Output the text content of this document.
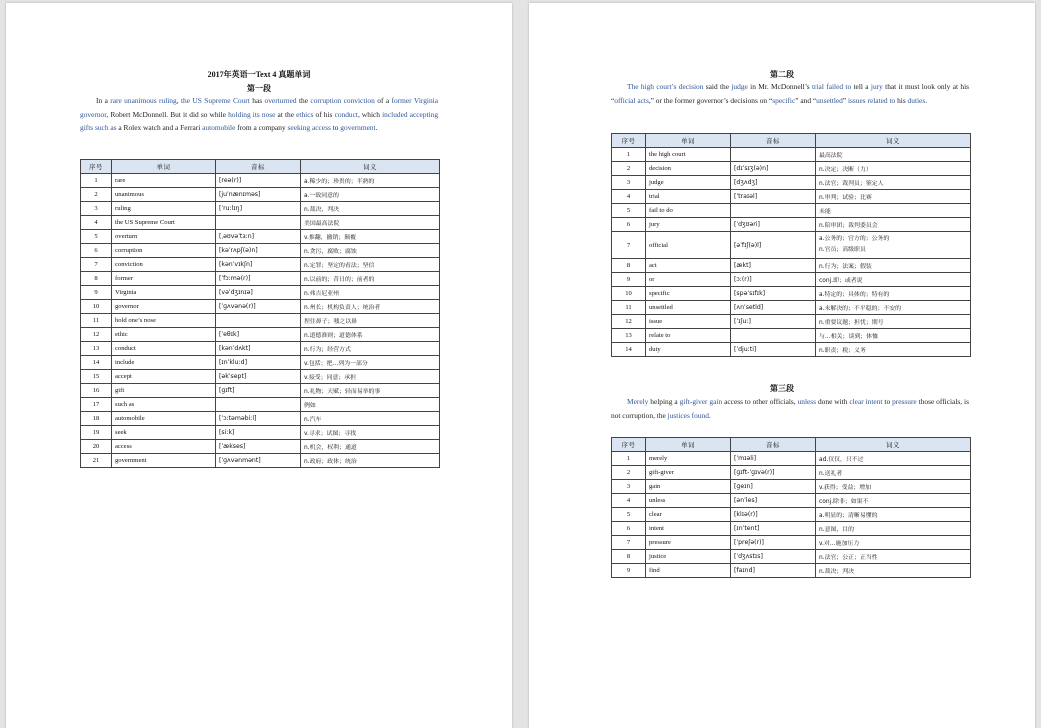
2017年英语一Text 4 真题单词
第一段

In a rare unanimous ruling, the US Supreme Court has overturned the corruption conviction of a former Virginia governor, Robert McDonnell. But it did so while holding its nose at the ethics of his conduct, which included accepting gifts such as a Rolex watch and a Ferrari automobile from a company seeking access to government.

序号	单词	音标	词义
1	rare	[reə(r)]	a.稀少的；珍贵的；半熟的
2	unanimous	[juˈnænɪməs]	a.一致同意的
3	ruling	[ˈruːlɪŋ]	n.裁决，判决
4	the US Supreme Court		美国最高法院
5	overturn	[ˌəʊvəˈtɜːn]	v.推翻，撤销；颠覆
6	corruption	[kəˈrʌpʃ(ə)n]	n.贪污，腐败；腐蚀
7	conviction	[kənˈvɪkʃn]	n.定罪；坚定的看法；坚信
8	former	[ˈfɔːmə(r)]	n.以前的；昔日的；前者的
9	Virginia	[vəˈdʒɪnɪə]	n.弗吉尼亚州
10	governor	[ˈɡʌvənə(r)]	n.州长；机构负责人；统治者
11	hold one’s nose		捏住鼻子；嗤之以鼻
12	ethic	[ˈeθɪk]	n.道德准则；道德体系
13	conduct	[kənˈdʌkt]	n.行为；经营方式
14	include	[ɪnˈkluːd]	v.包括；把…列为一部分
15	accept	[əkˈsept]	v.接受；同意；承担
16	gift	[ɡɪft]	n.礼物；天赋；轻而易举的事
17	such as		例如
18	automobile	[ˈɔːtəməbiːl]	n.汽车
19	seek	[siːk]	v.寻求；试图；寻找
20	access	[ˈækses]	n.机会，权利；通道
21	government	[ˈɡʌvənmənt]	n.政府；政体；统治
第二段

The high court’s decision said the judge in Mr. McDonnell’s trial failed to tell a jury that it must look only at his “official acts,” or the former governor’s decisions on “specific” and “unsettled” issues related to his duties.

序号	单词	音标	词义
1	the high court		最高法院
2	decision	[dɪˈsɪʒ(ə)n]	n.决定；决断（力）
3	judge	[dʒʌdʒ]	n.法官；裁判员；鉴定人
4	trial	[ˈtraɪəl]	n.审判；试验；比赛
5	fail to do		未能
6	jury	[ˈdʒʊəri]	n.陪审团；裁判委员会
7	official	[əˈfɪʃ(ə)l]	a.公务的；官方的；公务的
n.官员；高级职员

8	act	[ækt]	n.行为；法案；假装
9	or	[ɔː(r)]	conj.即；或者说
10	specific	[spəˈsɪfɪk]	a.特定的；具体的；特有的
11	unsettled	[ʌnˈsetld]	a.未解决的；不平稳的；不安的
12	issue	[ˈɪʃuː]	n.重要议题；担忧；期号
13	relate to		与…相关；谈到；体恤
14	duty	[ˈdjuːti]	n.职责；税；义务
第三段

Merely helping a gift-giver gain access to other officials, unless done with clear intent to pressure those officials, is not corruption, the justices found.

序号	单词	音标	词义
1	merely	[ˈmɪəli]	ad.仅仅，只不过
2	gift-giver	[ɡɪft-ˈɡɪvə(r)]	n.送礼者
3	gain	[ɡeɪn]	v.获得；受益；增加
4	unless	[ənˈles]	conj.除非；如果不
5	clear	[klɪə(r)]	a.明显的；清晰易懂的
6	intent	[ɪnˈtent]	n.意图，目的
7	pressure	[ˈpreʃə(r)]	v.对…施加压力
8	justice	[ˈdʒʌstɪs]	n.法官；公正；正当性
9	find	[faɪnd]	n.裁决；判决
